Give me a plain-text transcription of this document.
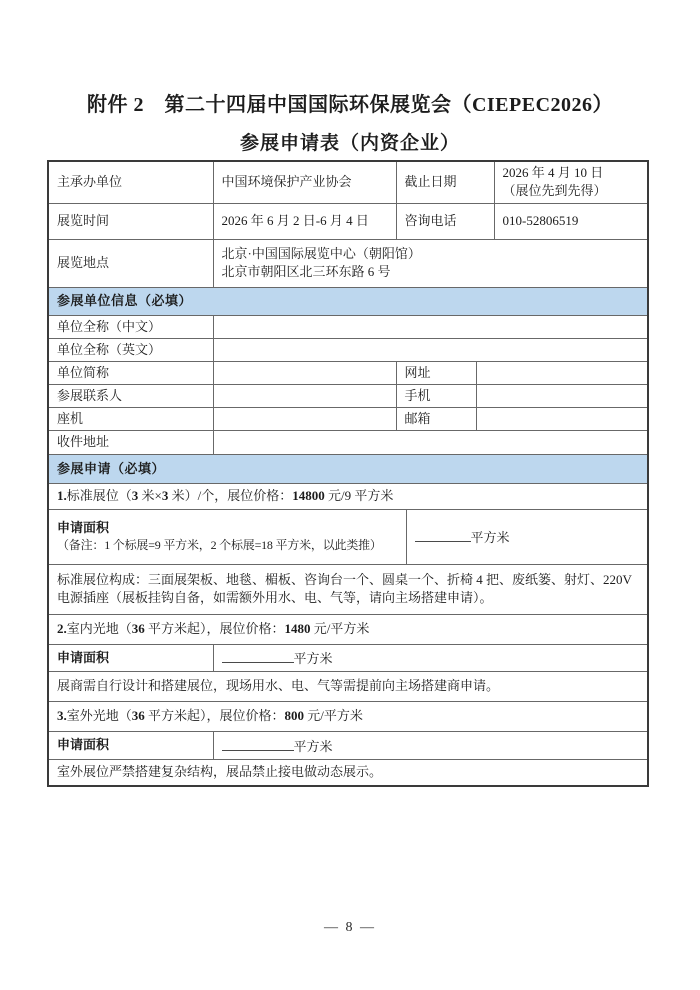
附件 2　第二十四届中国国际环保展览会（CIEPEC2026）
参展申请表（内资企业）
主承办单位	中国环境保护产业协会	截止日期			2026 年 4 月 10 日
（展位先到先得）

展览时间	2026 年 6 月 2 日-6 月 4 日	咨询电话			010-52806519
展览地点	北京·中国国际展览中心（朝阳馆）
北京市朝阳区北三环东路 6 号				

参展单位信息（必填）					
单位全称（中文）					
单位全称（英文）					
单位简称		网址			
参展联系人		手机			
座机		邮箱			
收件地址					
参展申请（必填）					
1.标准展位（3 米×3 米）/个，展位价格：14800 元/9 平方米					

申请面积
（备注：1 个标展=9 平方米，2 个标展=18 平方米，以此类推）			平方米		
标准展位构成：三面展架板、地毯、楣板、咨询台一个、圆桌一个、折椅 4 把、废纸篓、射灯、220V 电源插座（展板挂钩自备，如需额外用水、电、气等，请向主场搭建申请）。					
2.室内光地（36 平方米起），展位价格：1480 元/平方米					
申请面积	平方米				
展商需自行设计和搭建展位，现场用水、电、气等需提前向主场搭建商申请。					
3.室外光地（36 平方米起），展位价格：800 元/平方米					
申请面积	平方米				
室外展位严禁搭建复杂结构，展品禁止接电做动态展示。					
— 8 —
